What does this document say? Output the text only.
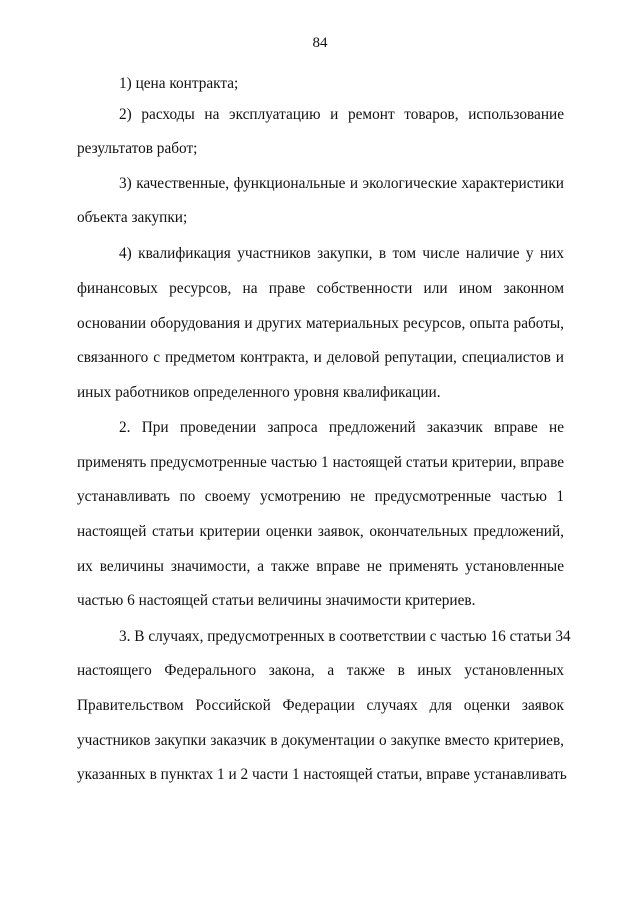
84
1) цена контракта;
2) расходы на эксплуатацию и ремонт товаров, использование
результатов работ;
3) качественные, функциональные и экологические характеристики
объекта закупки;
4) квалификация участников закупки, в том числе наличие у них
финансовых ресурсов, на праве собственности или ином законном
основании оборудования и других материальных ресурсов, опыта работы,
связанного с предметом контракта, и деловой репутации, специалистов и
иных работников определенного уровня квалификации.
2. При проведении запроса предложений заказчик вправе не
применять предусмотренные частью 1 настоящей статьи критерии, вправе
устанавливать по своему усмотрению не предусмотренные частью 1
настоящей статьи критерии оценки заявок, окончательных предложений,
их величины значимости, а также вправе не применять установленные
частью 6 настоящей статьи величины значимости критериев.
3. В случаях, предусмотренных в соответствии с частью 16 статьи 34
настоящего Федерального закона, а также в иных установленных
Правительством Российской Федерации случаях для оценки заявок
участников закупки заказчик в документации о закупке вместо критериев,
указанных в пунктах 1 и 2 части 1 настоящей статьи, вправе устанавливать
